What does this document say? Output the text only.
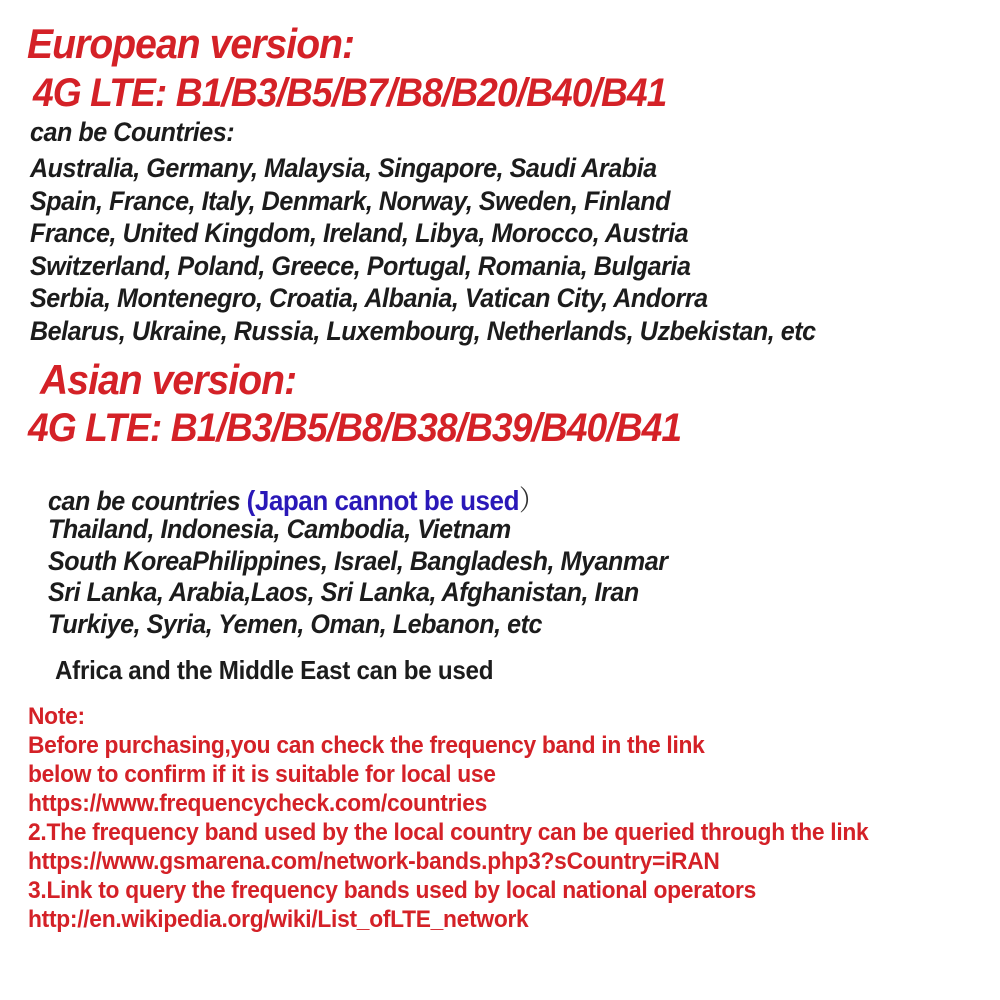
European version:
4G LTE: B1/B3/B5/B7/B8/B20/B40/B41
can be Countries:
Australia, Germany, Malaysia, Singapore, Saudi Arabia
Spain, France, Italy, Denmark, Norway, Sweden, Finland
France, United Kingdom, Ireland, Libya, Morocco, Austria
Switzerland, Poland, Greece, Portugal, Romania, Bulgaria
Serbia, Montenegro, Croatia, Albania, Vatican City, Andorra
Belarus, Ukraine, Russia, Luxembourg, Netherlands, Uzbekistan, etc
Asian version:
4G LTE: B1/B3/B5/B8/B38/B39/B40/B41
can be countries (Japan cannot be used）
Thailand, Indonesia, Cambodia, Vietnam
South KoreaPhilippines, Israel, Bangladesh, Myanmar
Sri Lanka, Arabia,Laos, Sri Lanka, Afghanistan, Iran
Turkiye, Syria, Yemen, Oman, Lebanon, etc
Africa and the Middle East can be used
Note:
Before purchasing,you can check the frequency band in the link
below to confirm if it is suitable for local use
https://www.frequencycheck.com/countries
2.The frequency band used by the local country can be queried through the link
https://www.gsmarena.com/network-bands.php3?sCountry=iRAN
3.Link to query the frequency bands used by local national operators
http://en.wikipedia.org/wiki/List_ofLTE_network
